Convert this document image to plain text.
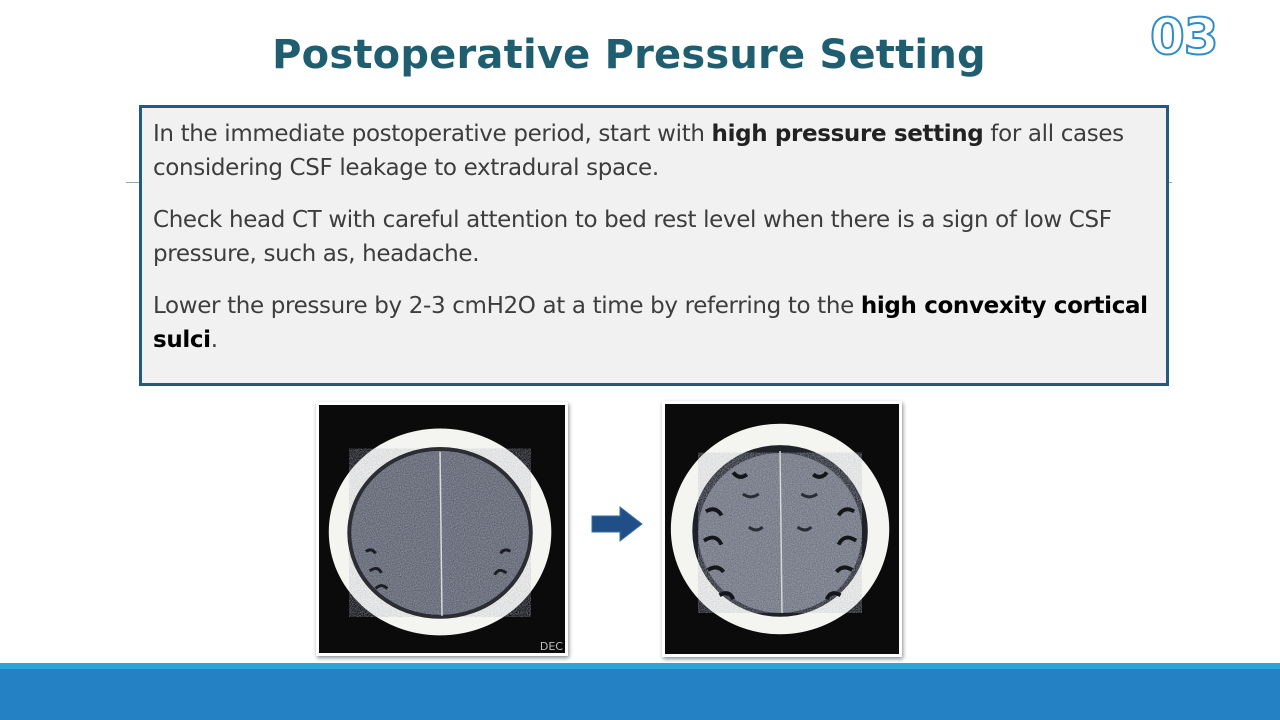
Postoperative Pressure Setting	03

In the immediate postoperative period, start with high pressure setting for all cases considering CSF leakage to extradural space.

Check head CT with careful attention to bed rest level when there is a sign of low CSF pressure, such as, headache.

Lower the pressure by 2-3 cmH2O at a time by referring to the high convexity cortical sulci.

DEC
